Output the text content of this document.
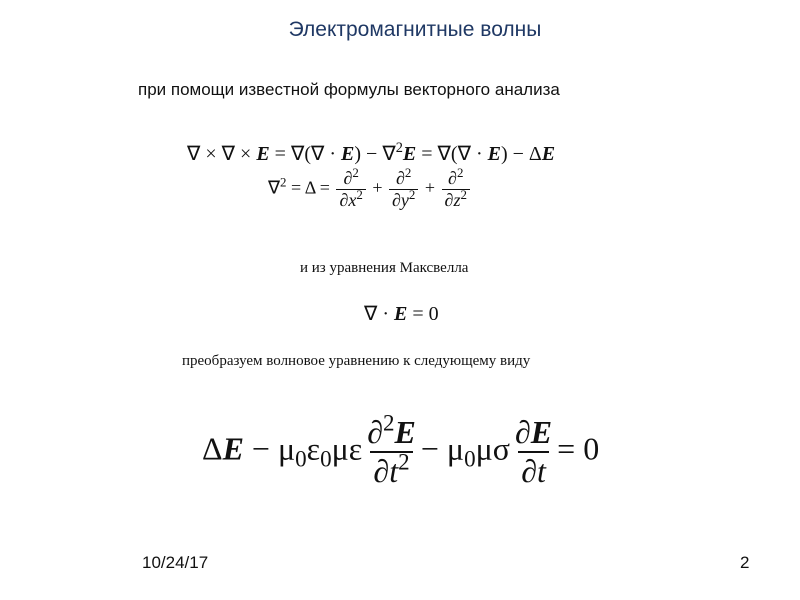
Электромагнитные волны
при помощи известной формулы векторного анализа
∇ × ∇ × E = ∇(∇ · E) − ∇$^2$E = ∇(∇ · E) − ΔE
$\nabla^2 = \Delta = \frac{\partial^2}{\partial x^2} + \frac{\partial^2}{\partial y^2} + \frac{\partial^2}{\partial z^2}$
и из уравнения Максвелла
∇ · E = 0
преобразуем волновое уравнению к следующему виду
$\Delta E - \mu_0\varepsilon_0\mu\varepsilon \frac{\partial^2E}{\partial t^2} - \mu_0\mu\sigma \frac{\partial E}{\partial t} = 0$
10/24/17	2
